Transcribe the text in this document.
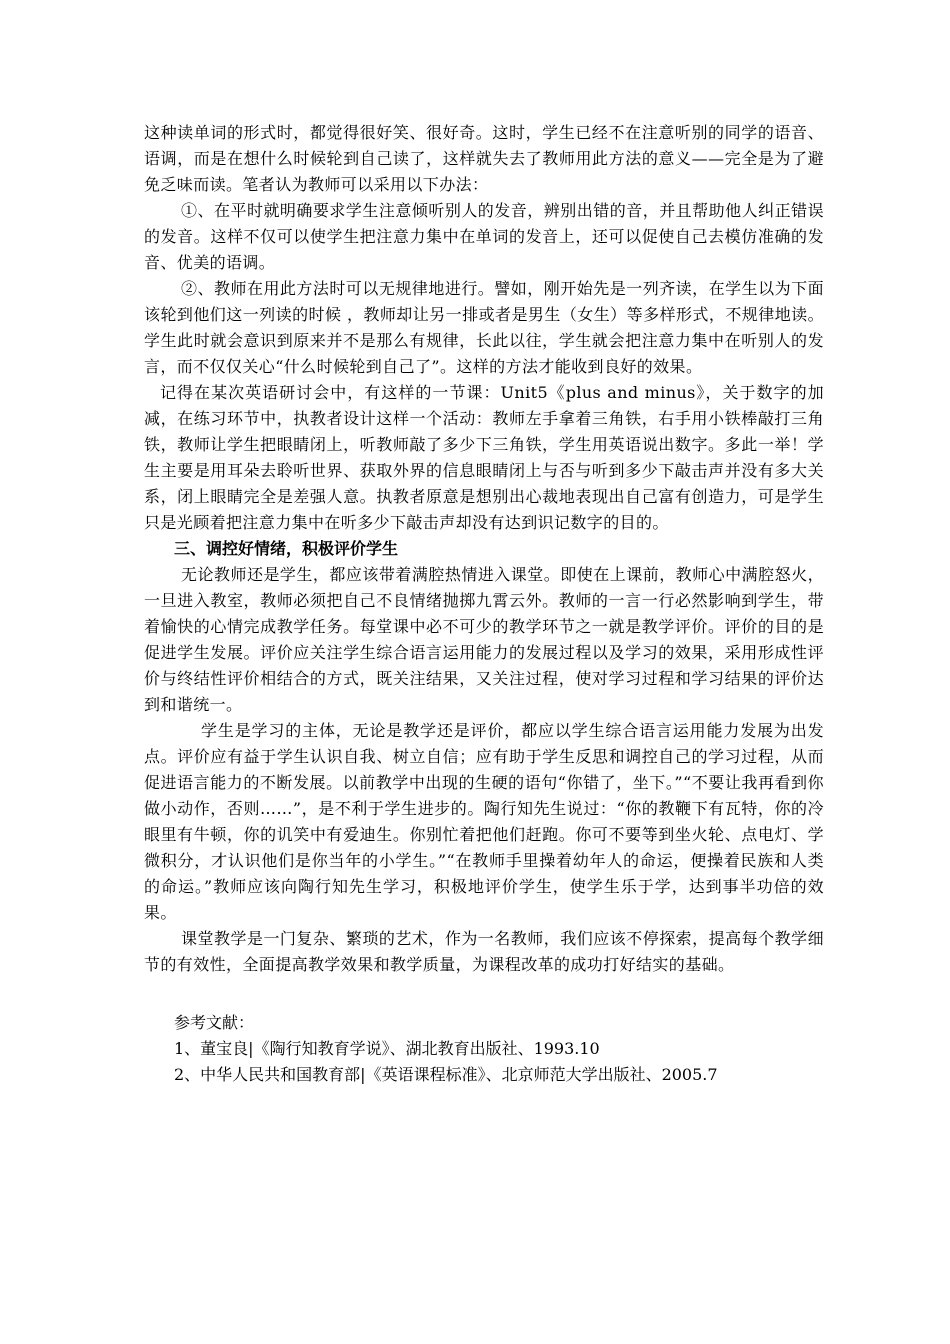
这种读单词的形式时，都觉得很好笑、很好奇。这时，学生已经不在注意听别的同学的语音、语调，而是在想什么时候轮到自己读了，这样就失去了教师用此方法的意义——完全是为了避免乏味而读。笔者认为教师可以采用以下办法：

①、在平时就明确要求学生注意倾听别人的发音，辨别出错的音，并且帮助他人纠正错误的发音。这样不仅可以使学生把注意力集中在单词的发音上，还可以促使自己去模仿准确的发音、优美的语调。

②、教师在用此方法时可以无规律地进行。譬如，刚开始先是一列齐读，在学生以为下面该轮到他们这一列读的时候 ，教师却让另一排或者是男生（女生）等多样形式，不规律地读。学生此时就会意识到原来并不是那么有规律，长此以往，学生就会把注意力集中在听别人的发言，而不仅仅关心“什么时候轮到自己了”。这样的方法才能收到良好的效果。

记得在某次英语研讨会中，有这样的一节课：Unit5《plus and minus》，关于数字的加减，在练习环节中，执教者设计这样一个活动：教师左手拿着三角铁，右手用小铁棒敲打三角铁，教师让学生把眼睛闭上，听教师敲了多少下三角铁，学生用英语说出数字。多此一举！学生主要是用耳朵去聆听世界、获取外界的信息眼睛闭上与否与听到多少下敲击声并没有多大关系，闭上眼睛完全是差强人意。执教者原意是想别出心裁地表现出自己富有创造力，可是学生只是光顾着把注意力集中在听多少下敲击声却没有达到识记数字的目的。

三、调控好情绪，积极评价学生

无论教师还是学生，都应该带着满腔热情进入课堂。即使在上课前，教师心中满腔怒火，一旦进入教室，教师必须把自己不良情绪抛掷九霄云外。教师的一言一行必然影响到学生，带着愉快的心情完成教学任务。每堂课中必不可少的教学环节之一就是教学评价。评价的目的是促进学生发展。评价应关注学生综合语言运用能力的发展过程以及学习的效果，采用形成性评价与终结性评价相结合的方式，既关注结果，又关注过程，使对学习过程和学习结果的评价达到和谐统一。

学生是学习的主体，无论是教学还是评价，都应以学生综合语言运用能力发展为出发点。评价应有益于学生认识自我、树立自信；应有助于学生反思和调控自己的学习过程，从而促进语言能力的不断发展。以前教学中出现的生硬的语句“你错了，坐下。”“不要让我再看到你做小动作，否则……”，是不利于学生进步的。陶行知先生说过：“你的教鞭下有瓦特，你的冷眼里有牛顿，你的讥笑中有爱迪生。你别忙着把他们赶跑。你可不要等到坐火轮、点电灯、学微积分，才认识他们是你当年的小学生。”“在教师手里操着幼年人的命运，便操着民族和人类的命运。”教师应该向陶行知先生学习，积极地评价学生，使学生乐于学，达到事半功倍的效果。

课堂教学是一门复杂、繁琐的艺术，作为一名教师，我们应该不停探索，提高每个教学细节的有效性，全面提高教学效果和教学质量，为课程改革的成功打好结实的基础。

参考文献：

1、董宝良|《陶行知教育学说》、湖北教育出版社、1993.10

2、中华人民共和国教育部|《英语课程标准》、北京师范大学出版社、2005.7
